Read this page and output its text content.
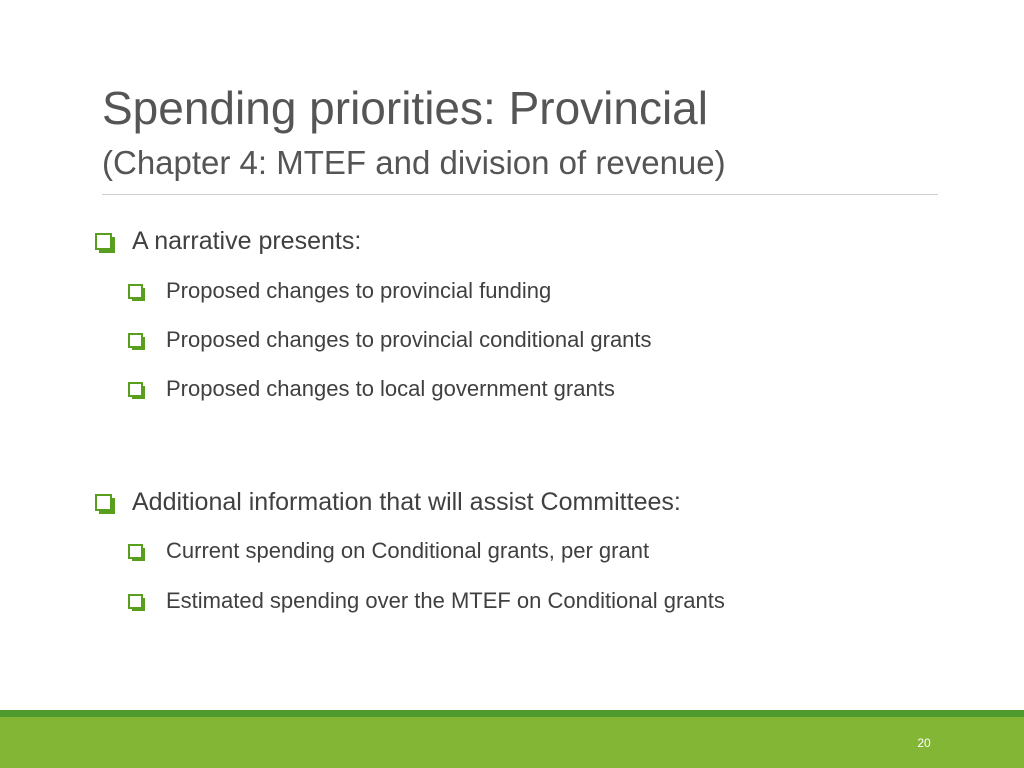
Spending priorities: Provincial
(Chapter 4: MTEF and division of revenue)
A narrative presents:
Proposed changes to provincial funding
Proposed changes to provincial conditional grants
Proposed changes to local government grants
Additional information that will assist Committees:
Current spending on Conditional grants, per grant
Estimated spending over the MTEF on Conditional grants
20
